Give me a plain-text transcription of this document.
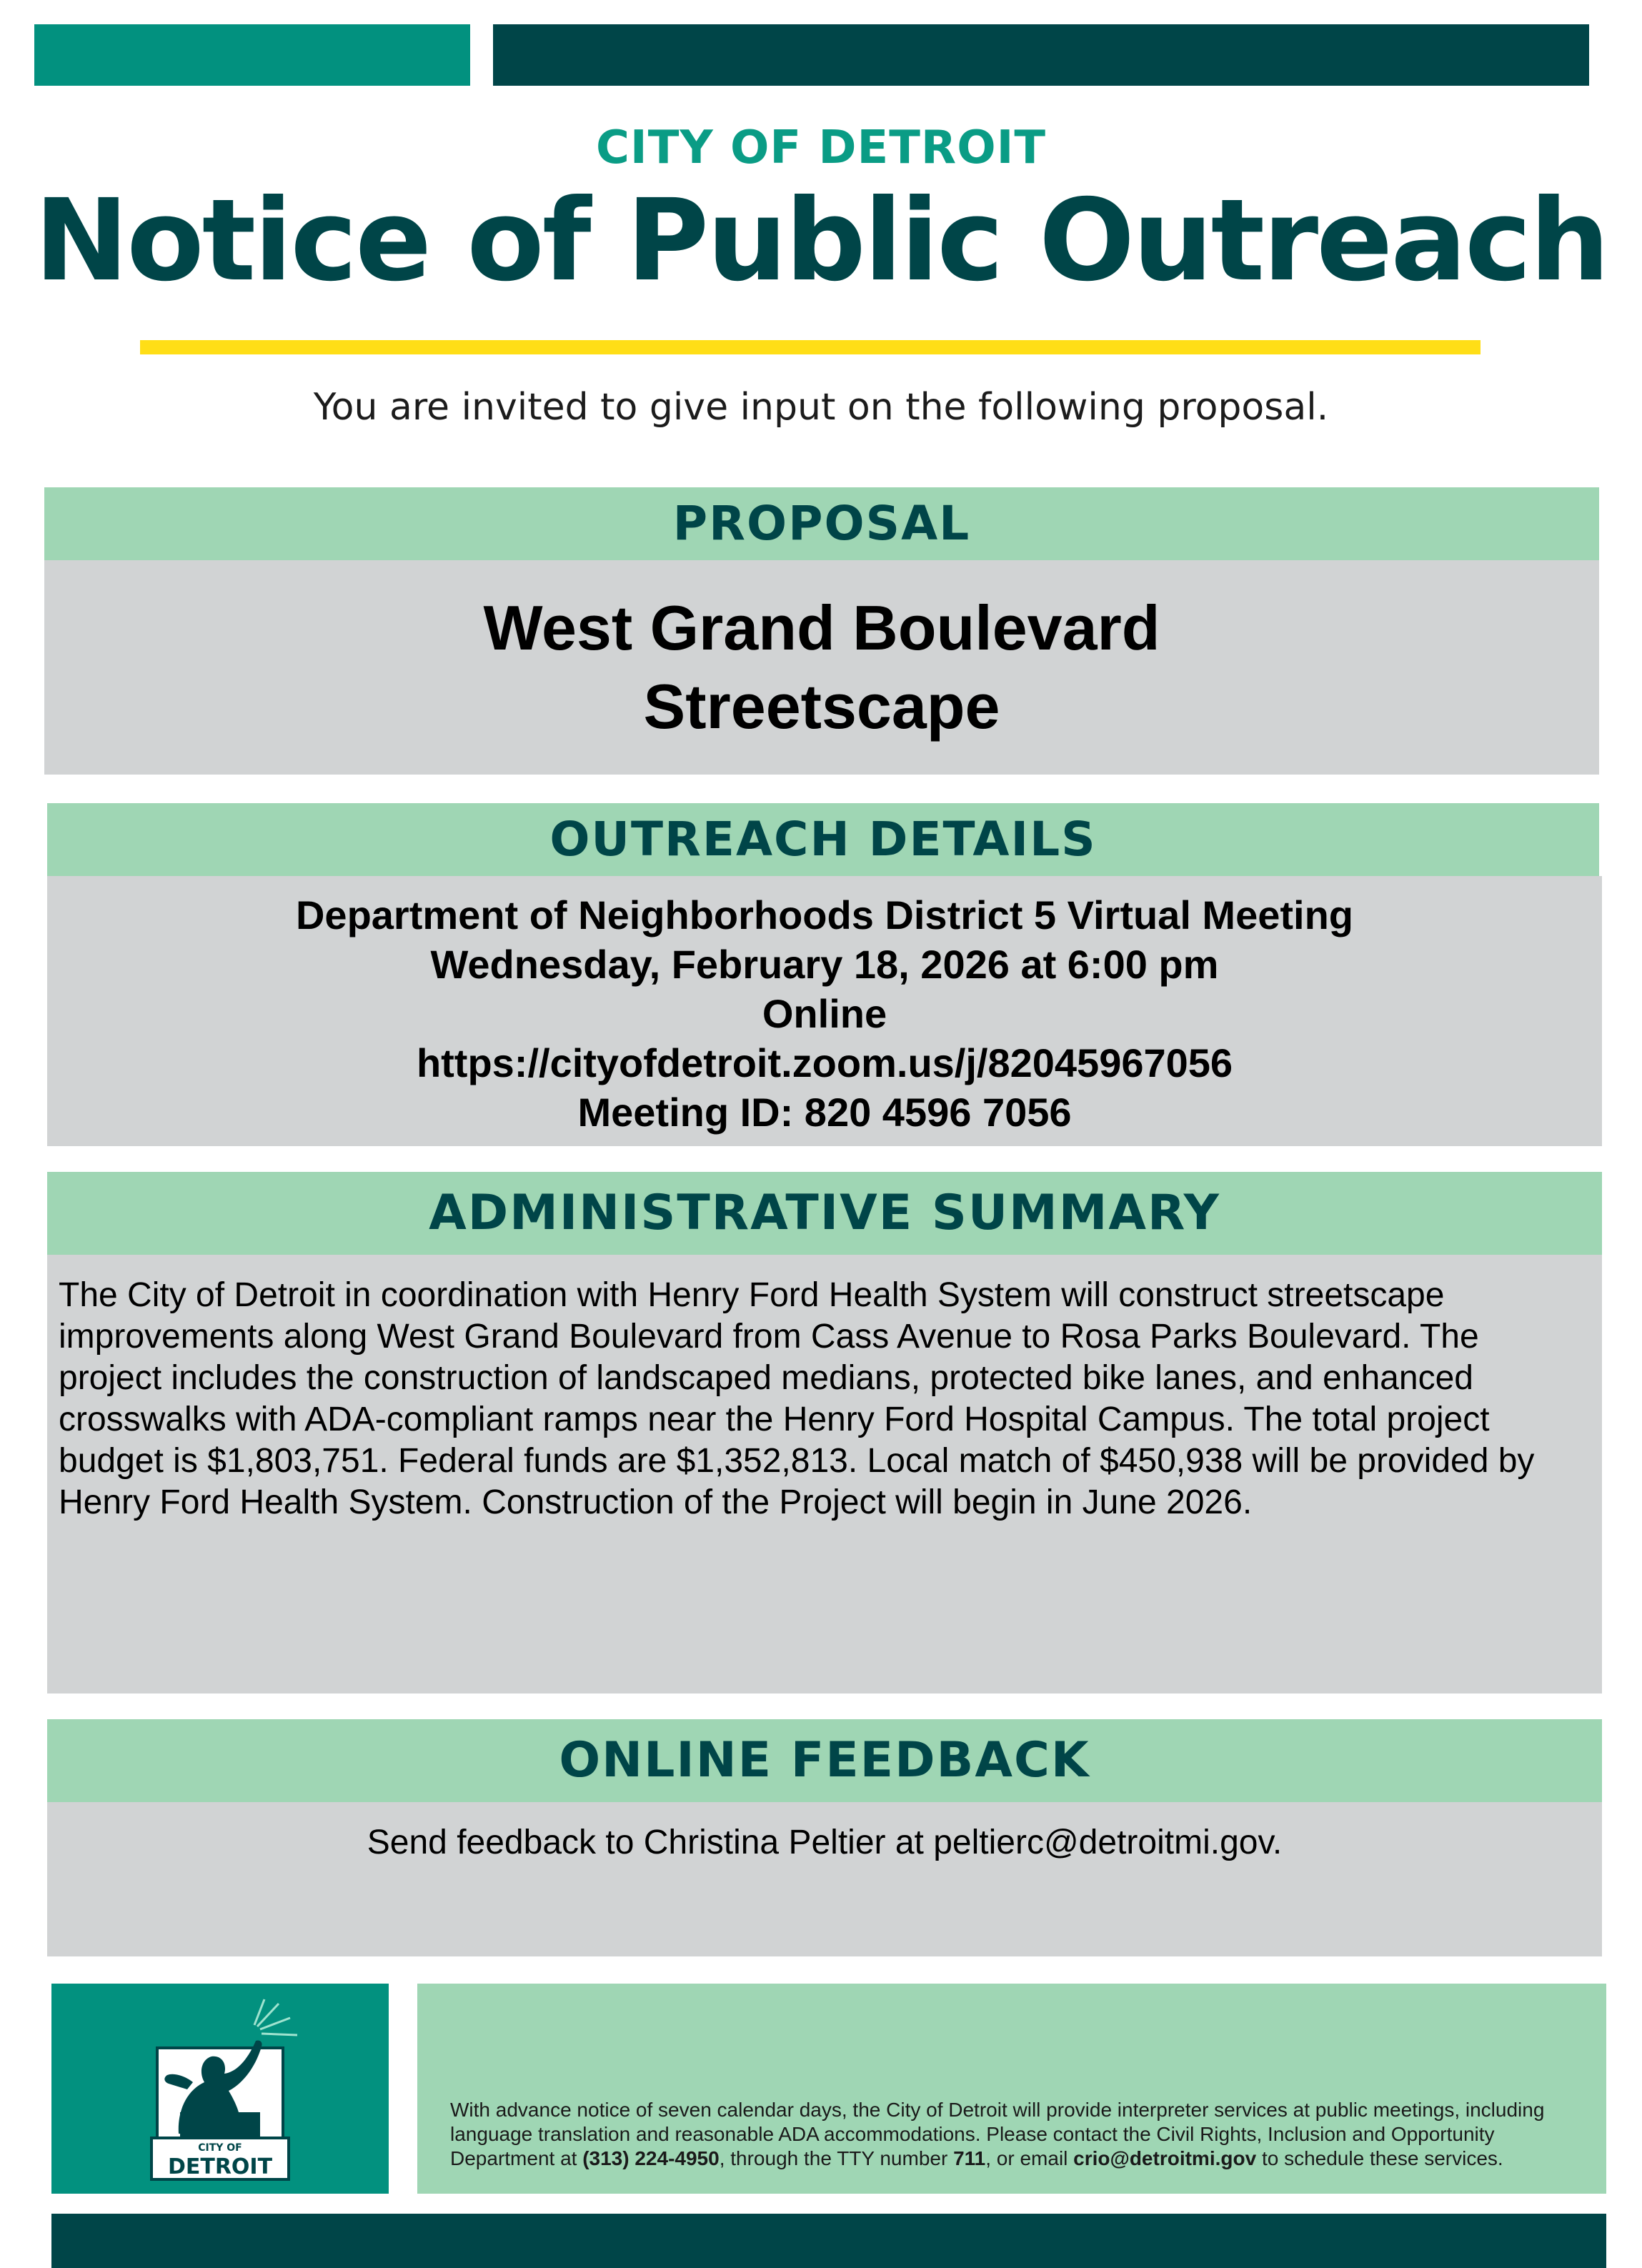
CITY OF DETROIT
Notice of Public Outreach
You are invited to give input on the following proposal.
PROPOSAL
West Grand Boulevard
Streetscape
OUTREACH DETAILS
Department of Neighborhoods District 5 Virtual Meeting
Wednesday, February 18, 2026 at 6:00 pm
Online
https://cityofdetroit.zoom.us/j/82045967056
Meeting ID: 820 4596 7056
ADMINISTRATIVE SUMMARY
The City of Detroit in coordination with Henry Ford Health System will construct streetscape improvements along West Grand Boulevard from Cass Avenue to Rosa Parks Boulevard. The project includes the construction of landscaped medians, protected bike lanes, and enhanced crosswalks with ADA-compliant ramps near the Henry Ford Hospital Campus. The total project budget is $1,803,751. Federal funds are $1,352,813. Local match of $450,938 will be provided by Henry Ford Health System. Construction of the Project will begin in June 2026.
ONLINE FEEDBACK
Send feedback to Christina Peltier at peltierc@detroitmi.gov.
CITY OF
DETROIT
With advance notice of seven calendar days, the City of Detroit will provide interpreter services at public meetings, including language translation and reasonable ADA accommodations. Please contact the Civil Rights, Inclusion and Opportunity Department at (313) 224-4950, through the TTY number 711, or email crio@detroitmi.gov to schedule these services.
